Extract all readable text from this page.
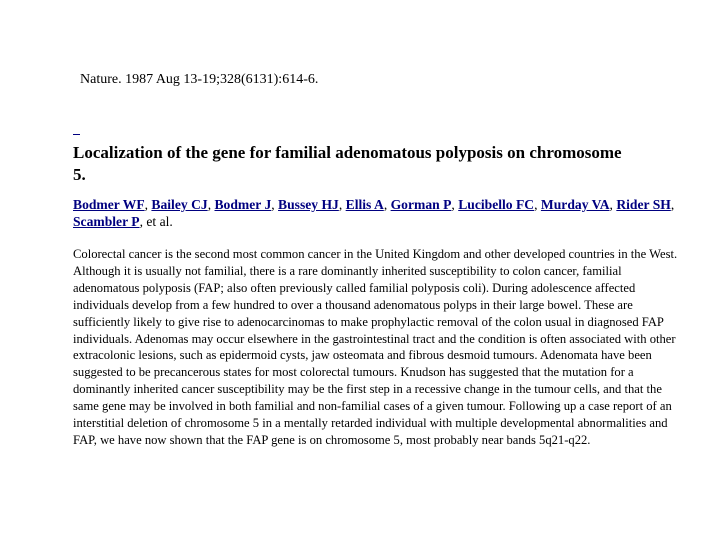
Nature. 1987 Aug 13-19;328(6131):614-6.
Localization of the gene for familial adenomatous polyposis on chromosome 5.
Bodmer WF, Bailey CJ, Bodmer J, Bussey HJ, Ellis A, Gorman P, Lucibello FC, Murday VA, Rider SH, Scambler P, et al.

Colorectal cancer is the second most common cancer in the United Kingdom and other developed countries in the West. Although it is usually not familial, there is a rare dominantly inherited susceptibility to colon cancer, familial adenomatous polyposis (FAP; also often previously called familial polyposis coli). During adolescence affected individuals develop from a few hundred to over a thousand adenomatous polyps in their large bowel. These are sufficiently likely to give rise to adenocarcinomas to make prophylactic removal of the colon usual in diagnosed FAP individuals. Adenomas may occur elsewhere in the gastrointestinal tract and the condition is often associated with other extracolonic lesions, such as epidermoid cysts, jaw osteomata and fibrous desmoid tumours. Adenomata have been suggested to be precancerous states for most colorectal tumours. Knudson has suggested that the mutation for a dominantly inherited cancer susceptibility may be the first step in a recessive change in the tumour cells, and that the same gene may be involved in both familial and non-familial cases of a given tumour. Following up a case report of an interstitial deletion of chromosome 5 in a mentally retarded individual with multiple developmental abnormalities and FAP, we have now shown that the FAP gene is on chromosome 5, most probably near bands 5q21-q22.
